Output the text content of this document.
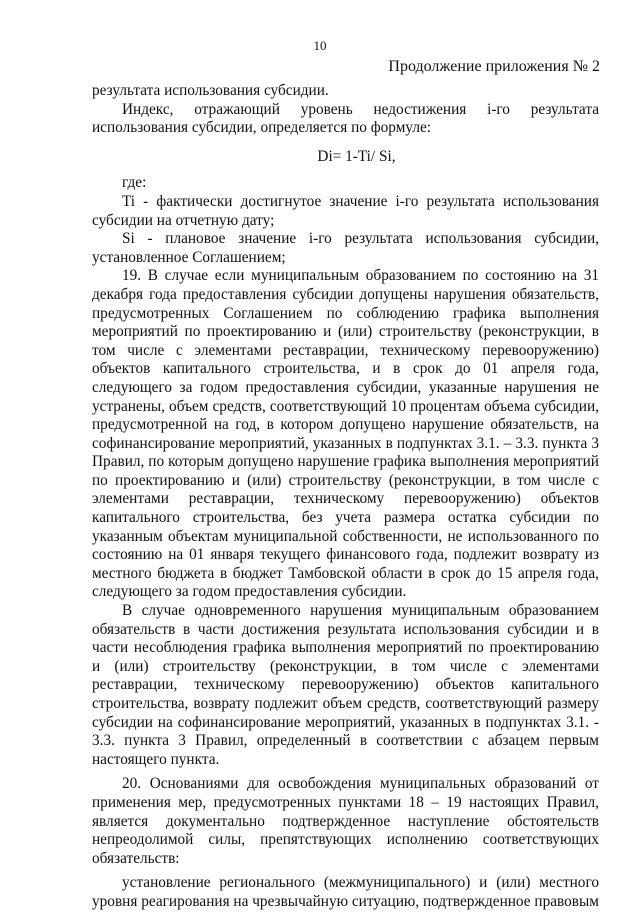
10
Продолжение приложения № 2

результата использования субсидии.

Индекс, отражающий уровень недостижения i-го результата использования субсидии, определяется по формуле:

Di= 1-Ti/ Si,

где:

Ti - фактически достигнутое значение i-го результата использования субсидии на отчетную дату;

Si - плановое значение i-го результата использования субсидии, установленное Соглашением;

19. В случае если муниципальным образованием по состоянию на 31 декабря года предоставления субсидии допущены нарушения обязательств, предусмотренных Соглашением по соблюдению графика выполнения мероприятий по проектированию и (или) строительству (реконструкции, в том числе с элементами реставрации, техническому перевооружению) объектов капитального строительства, и в срок до 01 апреля года, следующего за годом предоставления субсидии, указанные нарушения не устранены, объем средств, соответствующий 10 процентам объема субсидии, предусмотренной на год, в котором допущено нарушение обязательств, на софинансирование мероприятий, указанных в подпунктах 3.1. – 3.3. пункта 3 Правил, по которым допущено нарушение графика выполнения мероприятий по проектированию и (или) строительству (реконструкции, в том числе с элементами реставрации, техническому перевооружению) объектов капитального строительства, без учета размера остатка субсидии по указанным объектам муниципальной собственности, не использованного по состоянию на 01 января текущего финансового года, подлежит возврату из местного бюджета в бюджет Тамбовской области в срок до 15 апреля года, следующего за годом предоставления субсидии.

В случае одновременного нарушения муниципальным образованием обязательств в части достижения результата использования субсидии и в части несоблюдения графика выполнения мероприятий по проектированию и (или) строительству (реконструкции, в том числе с элементами реставрации, техническому перевооружению) объектов капитального строительства, возврату подлежит объем средств, соответствующий размеру субсидии на софинансирование мероприятий, указанных в подпунктах 3.1. - 3.3. пункта 3 Правил, определенный в соответствии с абзацем первым настоящего пункта.

20. Основаниями для освобождения муниципальных образований от применения мер, предусмотренных пунктами 18 – 19 настоящих Правил, является документально подтвержденное наступление обстоятельств непреодолимой силы, препятствующих исполнению соответствующих обязательств:

установление регионального (межмуниципального) и (или) местного уровня реагирования на чрезвычайную ситуацию, подтвержденное правовым
